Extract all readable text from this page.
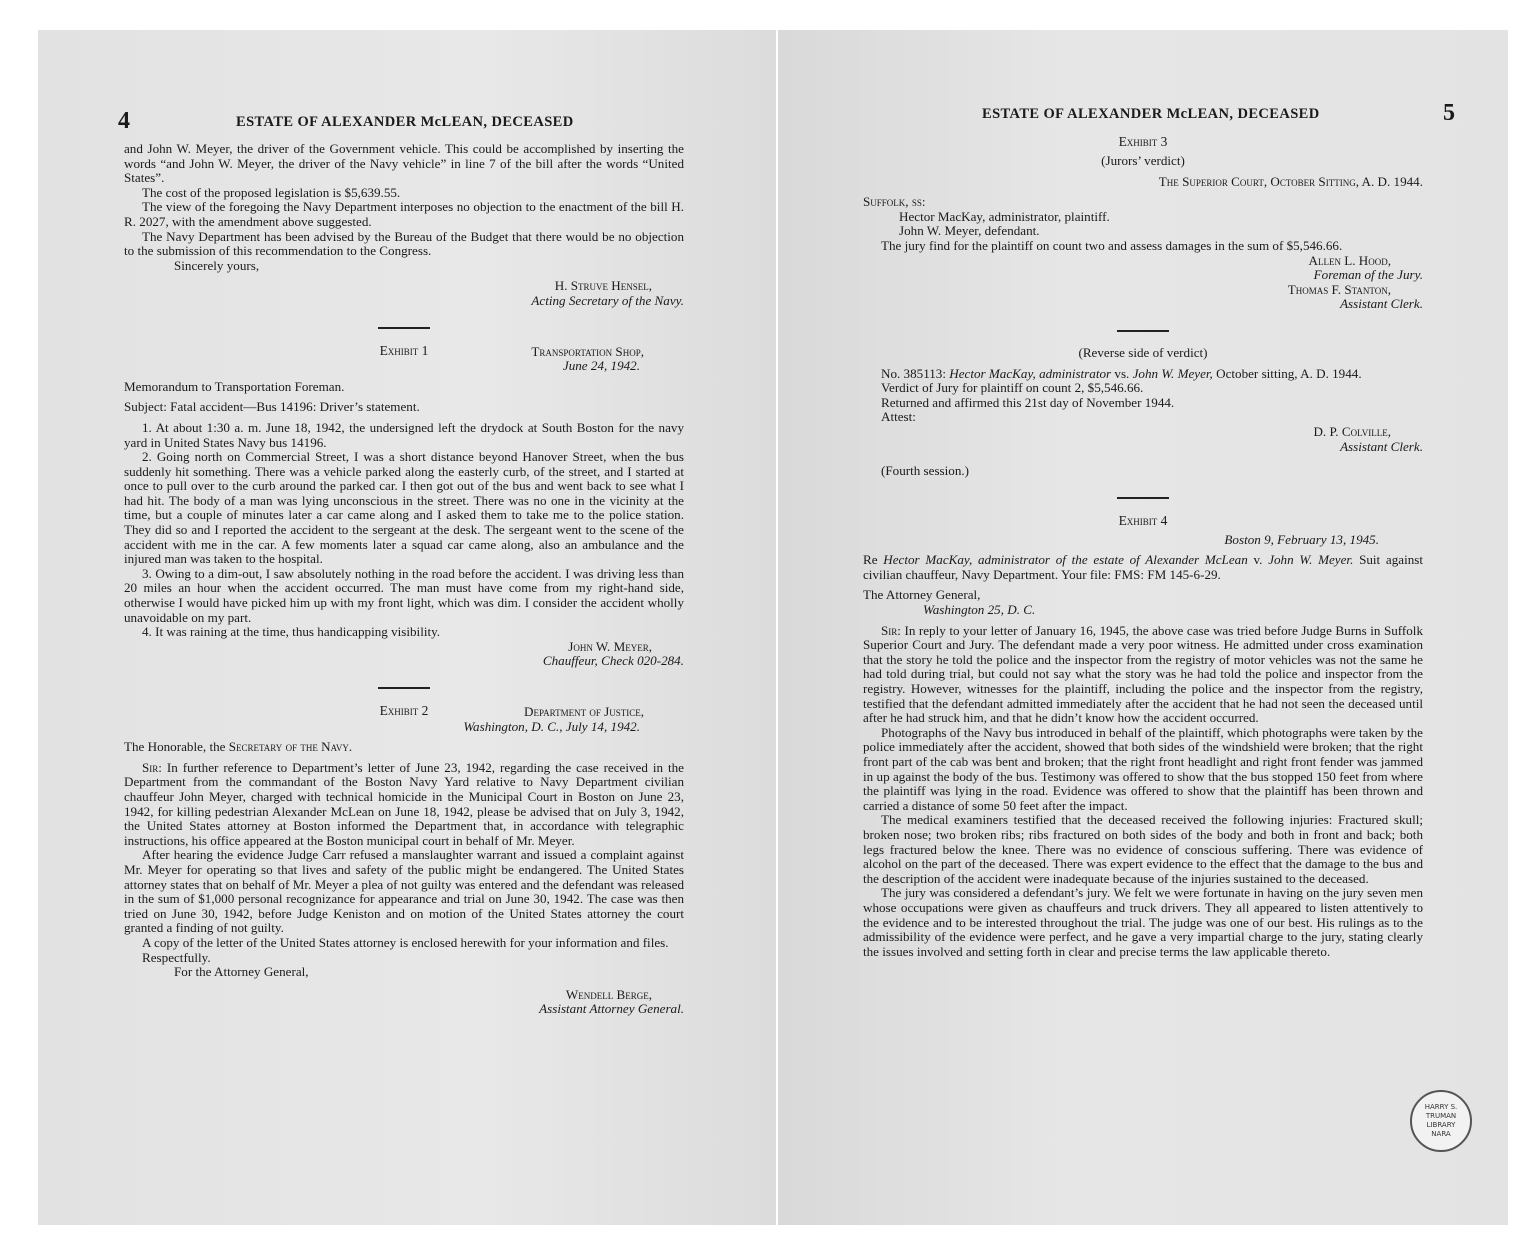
4	ESTATE OF ALEXANDER McLEAN, DECEASED

and John W. Meyer, the driver of the Government vehicle. This could be accomplished by inserting the words “and John W. Meyer, the driver of the Navy vehicle” in line 7 of the bill after the words “United States”.

The cost of the proposed legislation is $5,639.55.

The view of the foregoing the Navy Department interposes no objection to the enactment of the bill H. R. 2027, with the amendment above suggested.

The Navy Department has been advised by the Bureau of the Budget that there would be no objection to the submission of this recommendation to the Congress.

Sincerely yours,

H. Struve Hensel,

Acting Secretary of the Navy.

Exhibit 1	Transportation Shop,

June 24, 1942.

Memorandum to Transportation Foreman.

Subject: Fatal accident—Bus 14196: Driver’s statement.

1. At about 1:30 a. m. June 18, 1942, the undersigned left the drydock at South Boston for the navy yard in United States Navy bus 14196.

2. Going north on Commercial Street, I was a short distance beyond Hanover Street, when the bus suddenly hit something. There was a vehicle parked along the easterly curb, of the street, and I started at once to pull over to the curb around the parked car. I then got out of the bus and went back to see what I had hit. The body of a man was lying unconscious in the street. There was no one in the vicinity at the time, but a couple of minutes later a car came along and I asked them to take me to the police station. They did so and I reported the accident to the sergeant at the desk. The sergeant went to the scene of the accident with me in the car. A few moments later a squad car came along, also an ambulance and the injured man was taken to the hospital.

3. Owing to a dim-out, I saw absolutely nothing in the road before the accident. I was driving less than 20 miles an hour when the accident occurred. The man must have come from my right-hand side, otherwise I would have picked him up with my front light, which was dim. I consider the accident wholly unavoidable on my part.

4. It was raining at the time, thus handicapping visibility.

John W. Meyer,

Chauffeur, Check 020-284.

Exhibit 2	Department of Justice,

Washington, D. C., July 14, 1942.

The Honorable, the Secretary of the Navy.

Sir: In further reference to Department’s letter of June 23, 1942, regarding the case received in the Department from the commandant of the Boston Navy Yard relative to Navy Department civilian chauffeur John Meyer, charged with technical homicide in the Municipal Court in Boston on June 23, 1942, for killing pedestrian Alexander McLean on June 18, 1942, please be advised that on July 3, 1942, the United States attorney at Boston informed the Department that, in accordance with telegraphic instructions, his office appeared at the Boston municipal court in behalf of Mr. Meyer.

After hearing the evidence Judge Carr refused a manslaughter warrant and issued a complaint against Mr. Meyer for operating so that lives and safety of the public might be endangered. The United States attorney states that on behalf of Mr. Meyer a plea of not guilty was entered and the defendant was released in the sum of $1,000 personal recognizance for appearance and trial on June 30, 1942. The case was then tried on June 30, 1942, before Judge Keniston and on motion of the United States attorney the court granted a finding of not guilty.

A copy of the letter of the United States attorney is enclosed herewith for your information and files.

Respectfully.

For the Attorney General,

Wendell Berge,

Assistant Attorney General.

ESTATE OF ALEXANDER McLEAN, DECEASED	5
Exhibit 3

(Jurors’ verdict)

The Superior Court, October Sitting, A. D. 1944.

Suffolk, ss:

Hector MacKay, administrator, plaintiff.

John W. Meyer, defendant.

The jury find for the plaintiff on count two and assess damages in the sum of $5,546.66.

Allen L. Hood,

Foreman of the Jury.

Thomas F. Stanton,

Assistant Clerk.

(Reverse side of verdict)

No. 385113: Hector MacKay, administrator vs. John W. Meyer, October sitting, A. D. 1944.

Verdict of Jury for plaintiff on count 2, $5,546.66.

Returned and affirmed this 21st day of November 1944.

Attest:

D. P. Colville,

Assistant Clerk.

(Fourth session.)

Exhibit 4

Boston 9, February 13, 1945.

Re Hector MacKay, administrator of the estate of Alexander McLean v. John W. Meyer. Suit against civilian chauffeur, Navy Department. Your file: FMS: FM 145-6-29.

The Attorney General,

Washington 25, D. C.

Sir: In reply to your letter of January 16, 1945, the above case was tried before Judge Burns in Suffolk Superior Court and Jury. The defendant made a very poor witness. He admitted under cross examination that the story he told the police and the inspector from the registry of motor vehicles was not the same he had told during trial, but could not say what the story was he had told the police and inspector from the registry. However, witnesses for the plaintiff, including the police and the inspector from the registry, testified that the defendant admitted immediately after the accident that he had not seen the deceased until after he had struck him, and that he didn’t know how the accident occurred.

Photographs of the Navy bus introduced in behalf of the plaintiff, which photographs were taken by the police immediately after the accident, showed that both sides of the windshield were broken; that the right front part of the cab was bent and broken; that the right front headlight and right front fender was jammed in up against the body of the bus. Testimony was offered to show that the bus stopped 150 feet from where the plaintiff was lying in the road. Evidence was offered to show that the plaintiff has been thrown and carried a distance of some 50 feet after the impact.

The medical examiners testified that the deceased received the following injuries: Fractured skull; broken nose; two broken ribs; ribs fractured on both sides of the body and both in front and back; both legs fractured below the knee. There was no evidence of conscious suffering. There was evidence of alcohol on the part of the deceased. There was expert evidence to the effect that the damage to the bus and the description of the accident were inadequate because of the injuries sustained to the deceased.

The jury was considered a defendant’s jury. We felt we were fortunate in having on the jury seven men whose occupations were given as chauffeurs and truck drivers. They all appeared to listen attentively to the evidence and to be interested throughout the trial. The judge was one of our best. His rulings as to the admissibility of the evidence were perfect, and he gave a very impartial charge to the jury, stating clearly the issues involved and setting forth in clear and precise terms the law applicable thereto.

HARRY S. TRUMAN LIBRARY NARA
